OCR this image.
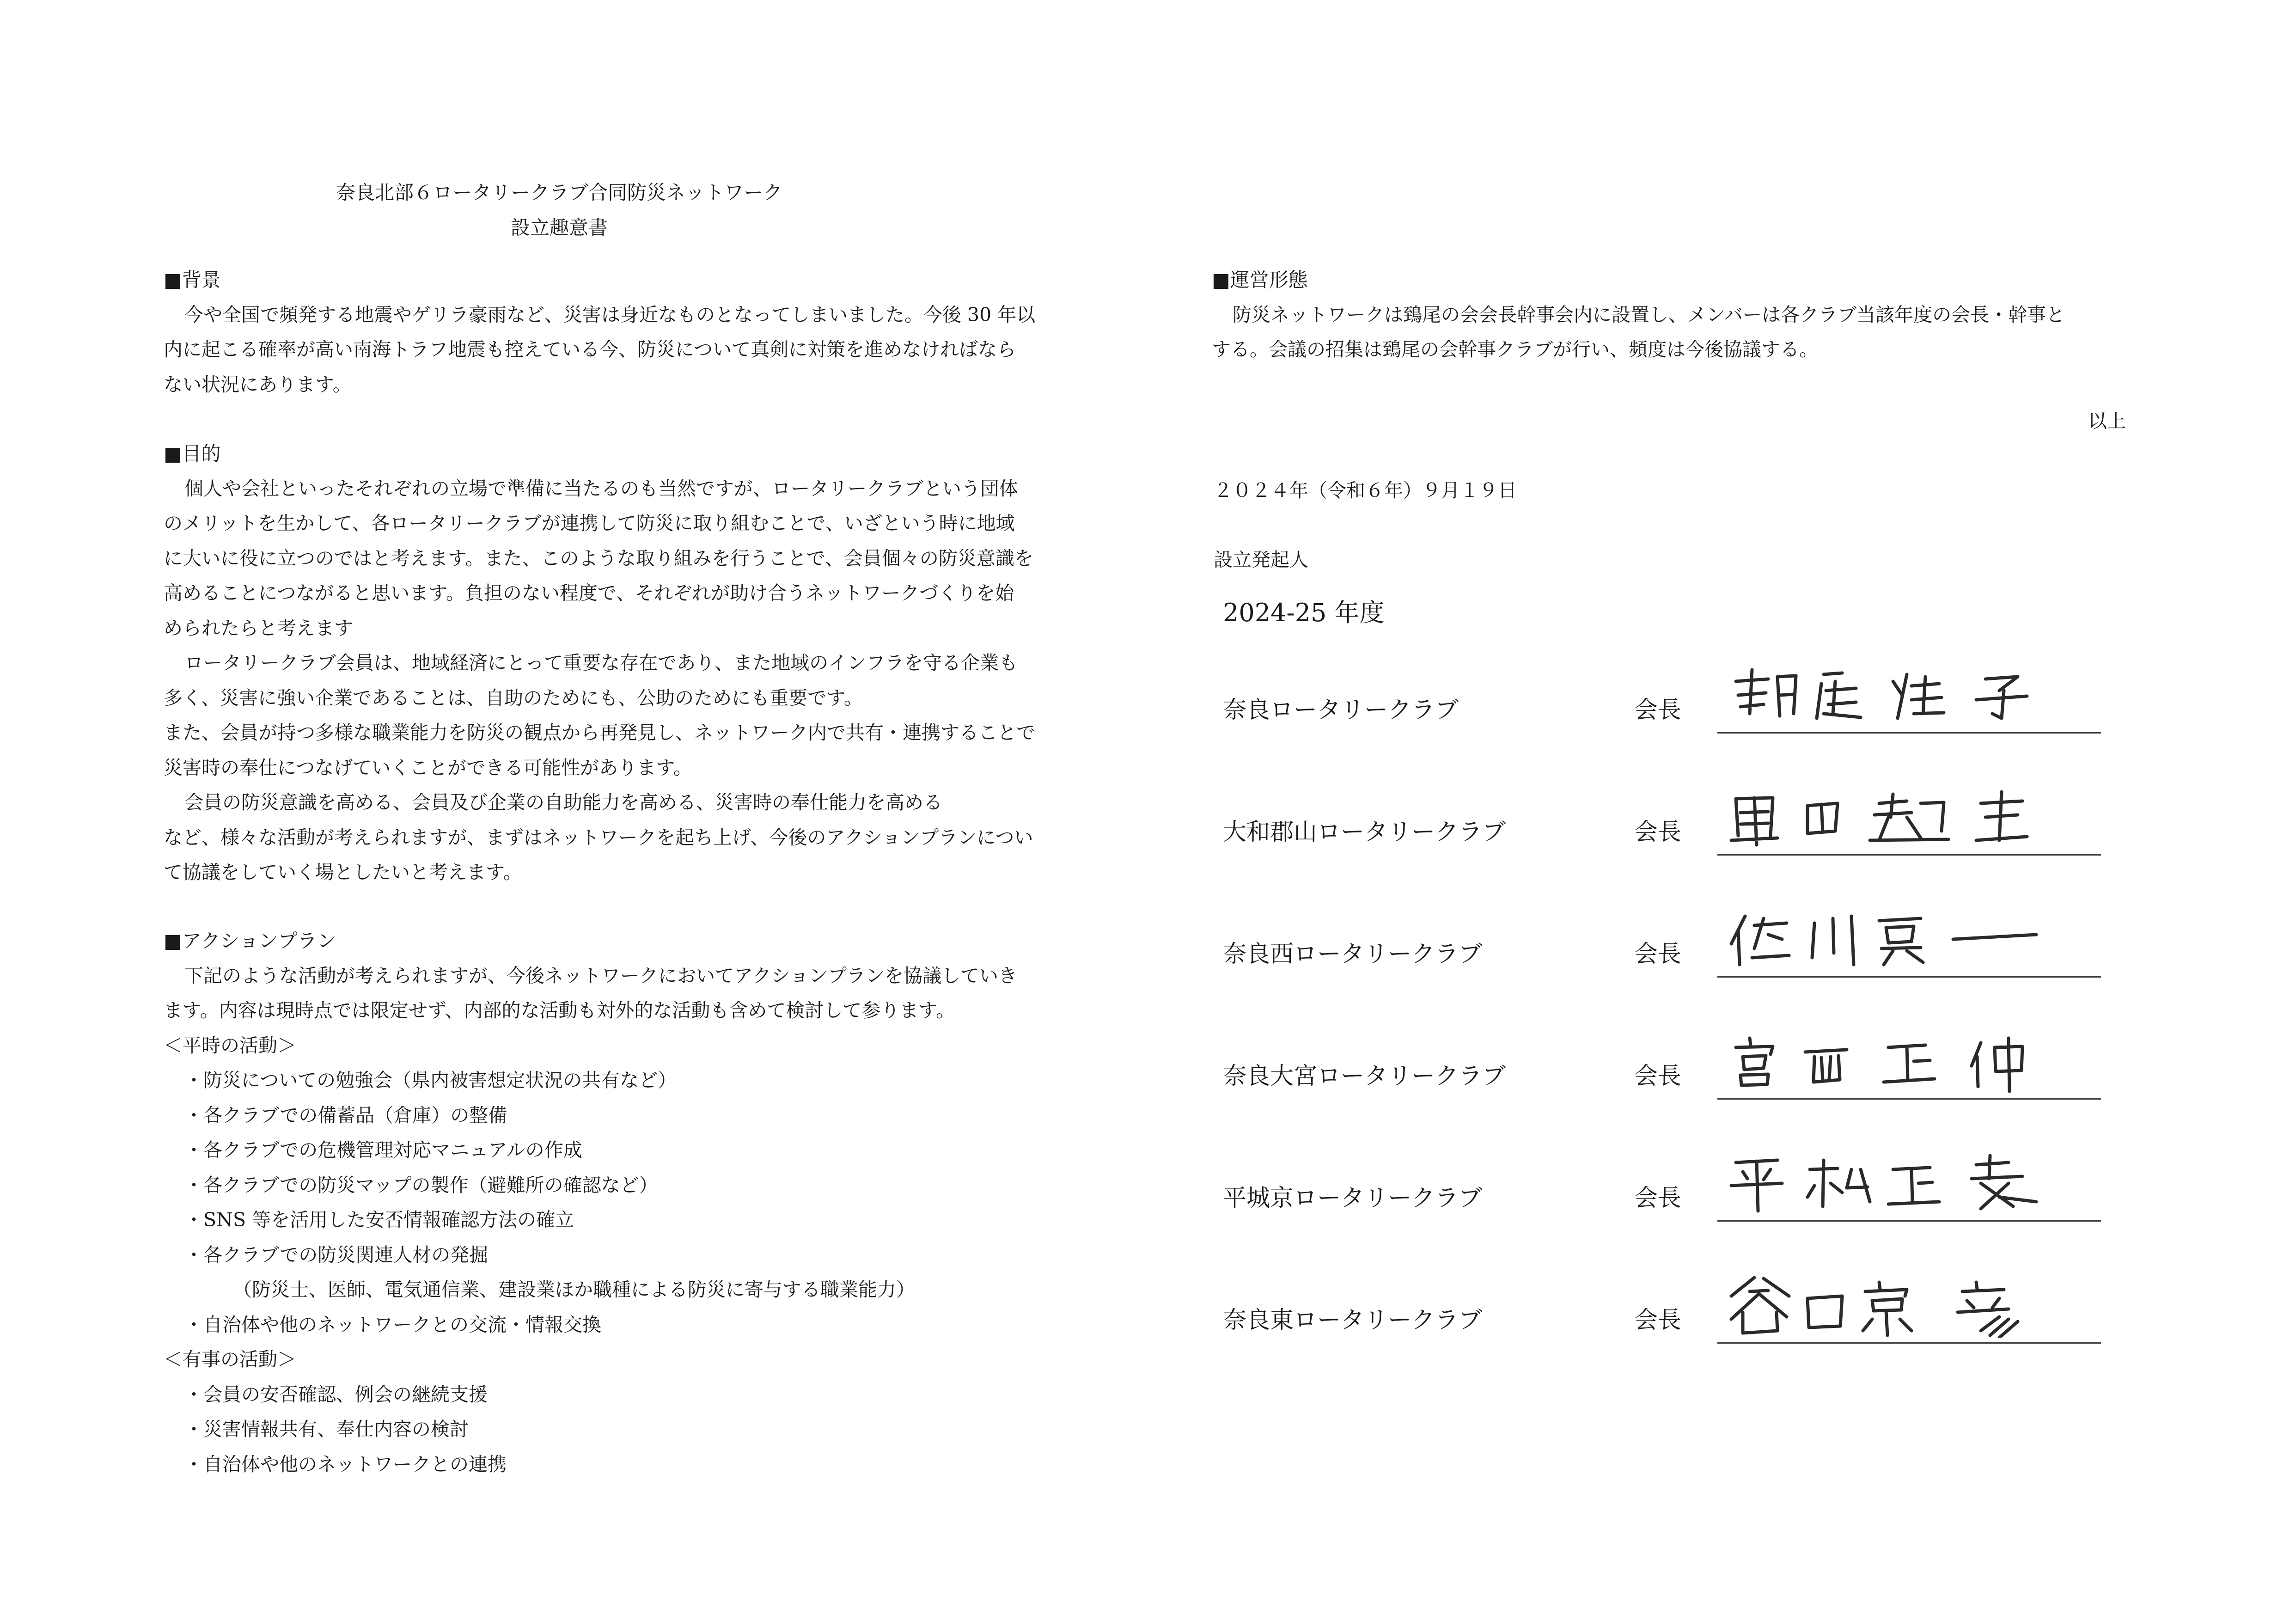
奈良北部６ロータリークラブ合同防災ネットワーク
設立趣意書

■背景

今や全国で頻発する地震やゲリラ豪雨など、災害は身近なものとなってしまいました。今後 30 年以

内に起こる確率が高い南海トラフ地震も控えている今、防災について真剣に対策を進めなければなら

ない状況にあります。

■目的

個人や会社といったそれぞれの立場で準備に当たるのも当然ですが、ロータリークラブという団体

のメリットを生かして、各ロータリークラブが連携して防災に取り組むことで、いざという時に地域

に大いに役に立つのではと考えます。また、このような取り組みを行うことで、会員個々の防災意識を

高めることにつながると思います。負担のない程度で、それぞれが助け合うネットワークづくりを始

められたらと考えます

ロータリークラブ会員は、地域経済にとって重要な存在であり、また地域のインフラを守る企業も

多く、災害に強い企業であることは、自助のためにも、公助のためにも重要です。

また、会員が持つ多様な職業能力を防災の観点から再発見し、ネットワーク内で共有・連携することで

災害時の奉仕につなげていくことができる可能性があります。

会員の防災意識を高める、会員及び企業の自助能力を高める、災害時の奉仕能力を高める

など、様々な活動が考えられますが、まずはネットワークを起ち上げ、今後のアクションプランについ

て協議をしていく場としたいと考えます。

■アクションプラン

下記のような活動が考えられますが、今後ネットワークにおいてアクションプランを協議していき

ます。内容は現時点では限定せず、内部的な活動も対外的な活動も含めて検討して参ります。

＜平時の活動＞

・防災についての勉強会（県内被害想定状況の共有など）

・各クラブでの備蓄品（倉庫）の整備

・各クラブでの危機管理対応マニュアルの作成

・各クラブでの防災マップの製作（避難所の確認など）

・SNS 等を活用した安否情報確認方法の確立

・各クラブでの防災関連人材の発掘

（防災士、医師、電気通信業、建設業ほか職種による防災に寄与する職業能力）

・自治体や他のネットワークとの交流・情報交換

＜有事の活動＞

・会員の安否確認、例会の継続支援

・災害情報共有、奉仕内容の検討

・自治体や他のネットワークとの連携

■運営形態

防災ネットワークは鵄尾の会会長幹事会内に設置し、メンバーは各クラブ当該年度の会長・幹事と

する。会議の招集は鵄尾の会幹事クラブが行い、頻度は今後協議する。

以上
２０２４年（令和６年）９月１９日
設立発起人
2024-25 年度
奈良ロータリークラブ	会長
大和郡山ロータリークラブ	会長
奈良西ロータリークラブ	会長
奈良大宮ロータリークラブ	会長
平城京ロータリークラブ	会長
奈良東ロータリークラブ	会長
